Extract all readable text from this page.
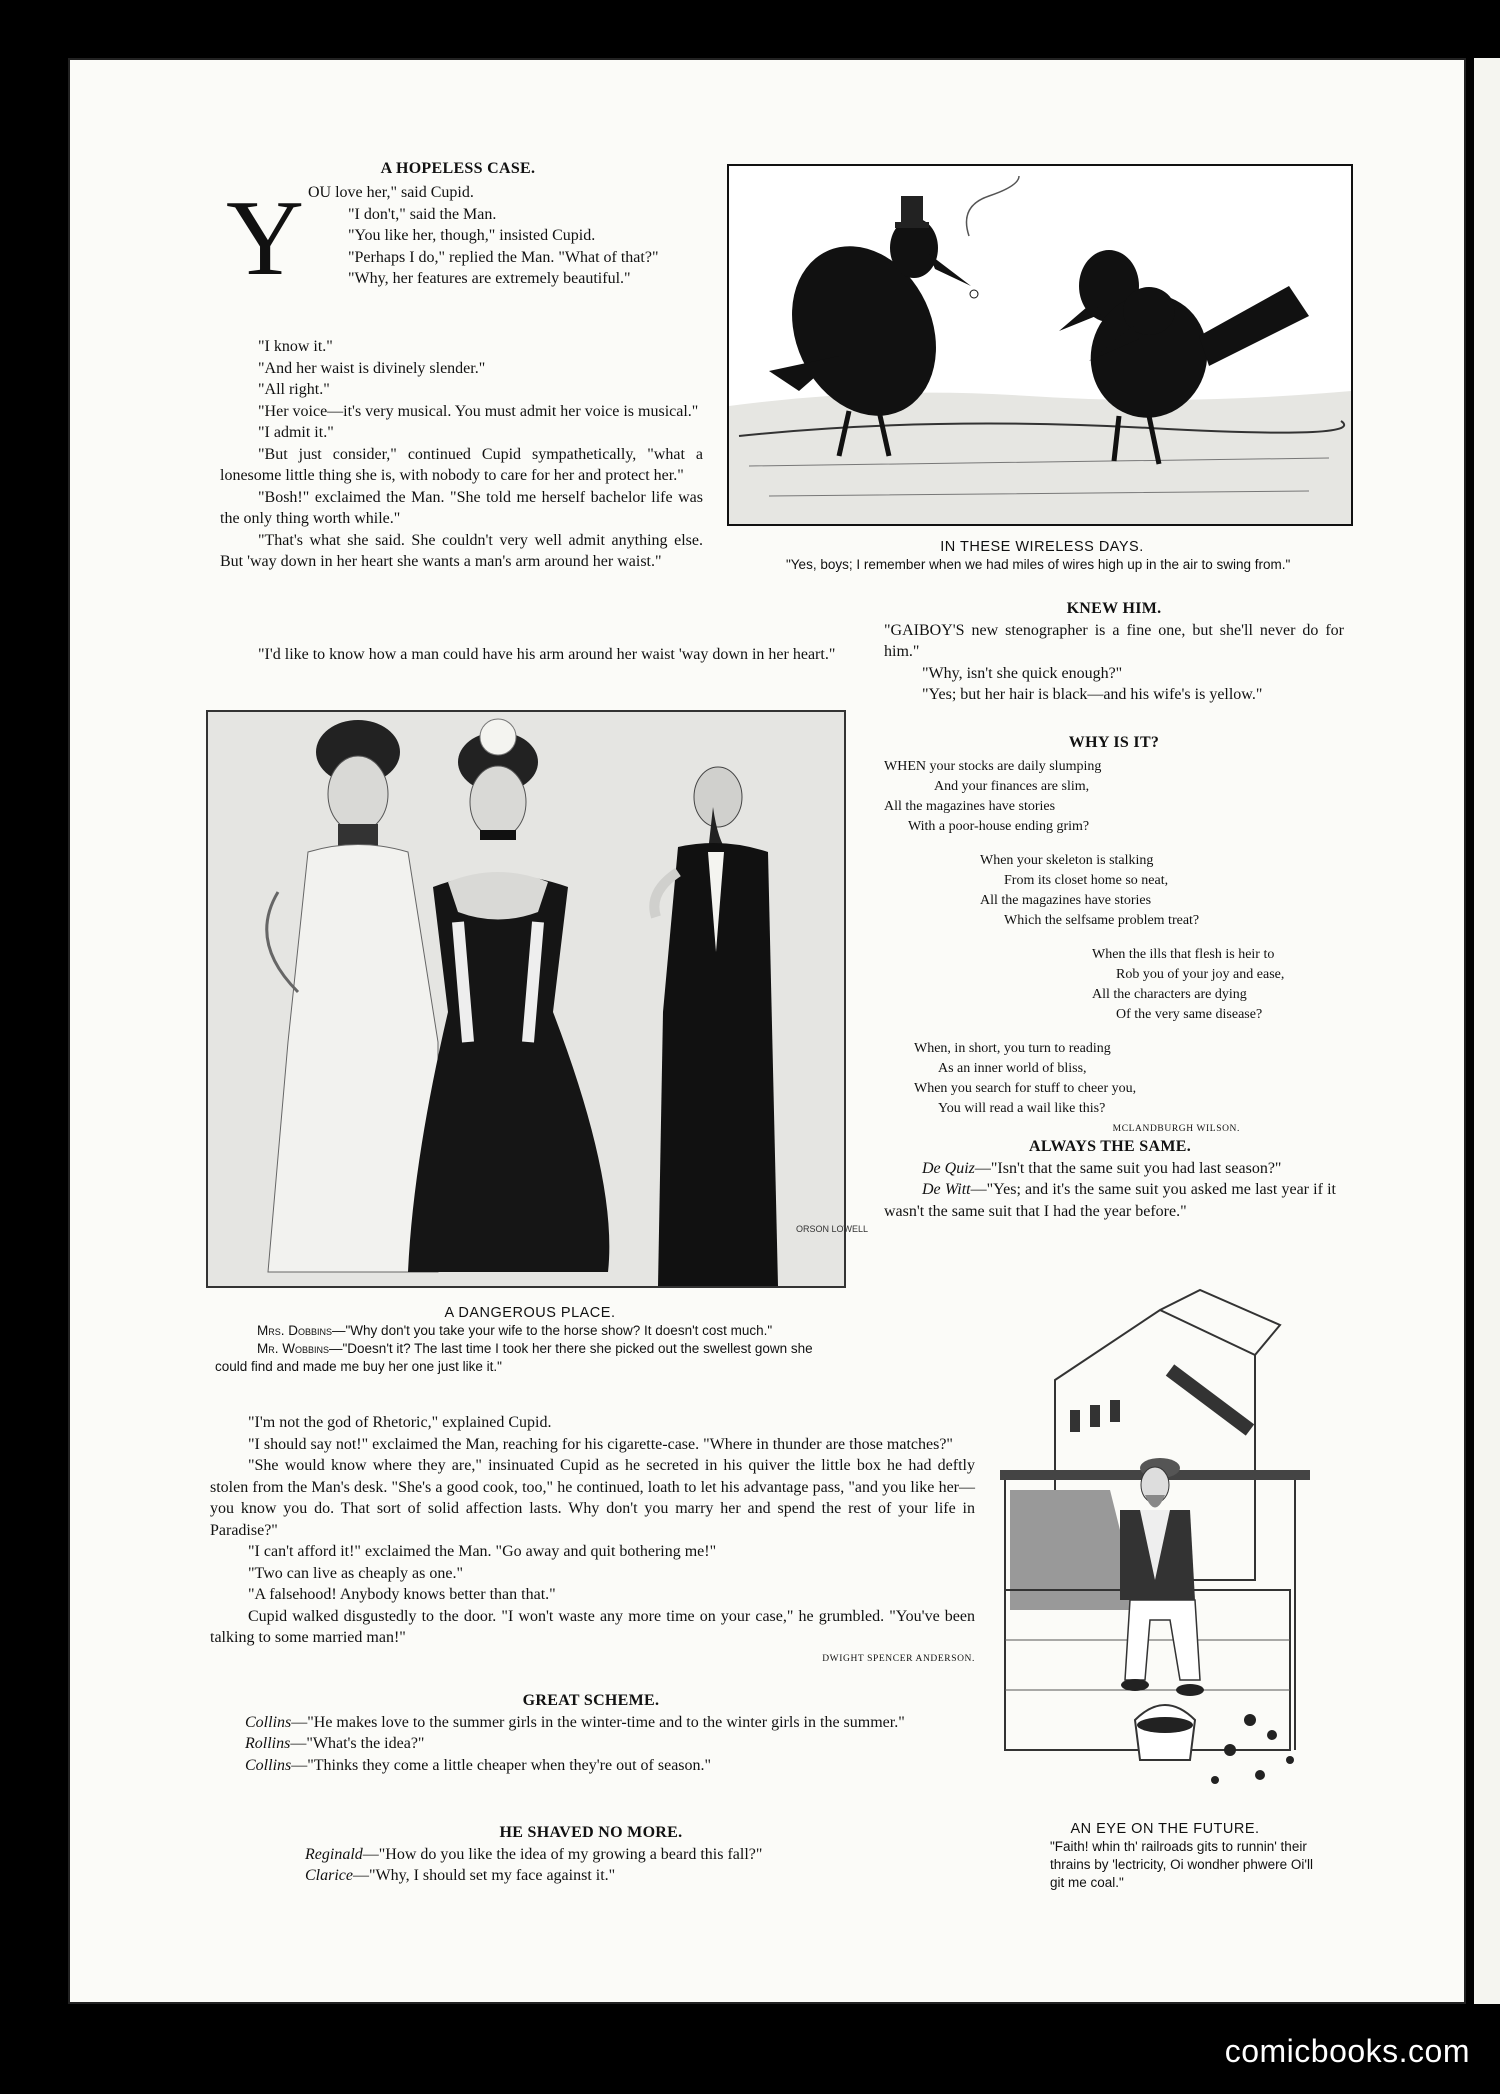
A HOPELESS CASE.

Y OU love her," said Cupid.

"I don't," said the Man.

"You like her, though," insisted Cupid.

"Perhaps I do," replied the Man. "What of that?"

"Why, her features are extremely beautiful."

"I know it."

"And her waist is divinely slender."

"All right."

"Her voice—it's very musical. You must admit her voice is musical."

"I admit it."

"But just consider," continued Cupid sympathetically, "what a lonesome little thing she is, with nobody to care for her and protect her."

"Bosh!" exclaimed the Man. "She told me herself bachelor life was the only thing worth while."

"That's what she said. She couldn't very well admit anything else. But 'way down in her heart she wants a man's arm around her waist."

"I'd like to know how a man could have his arm around her waist 'way down in her heart."

IN THESE WIRELESS DAYS.
"Yes, boys; I remember when we had miles of wires high up in the air to swing from."

KNEW HIM.

"GAIBOY'S new stenographer is a fine one, but she'll never do for him."

"Why, isn't she quick enough?"

"Yes; but her hair is black—and his wife's is yellow."

WHY IS IT?

WHEN your stocks are daily slumping

And your finances are slim,

All the magazines have stories

With a poor-house ending grim?

When your skeleton is stalking

From its closet home so neat,

All the magazines have stories

Which the selfsame problem treat?

When the ills that flesh is heir to

Rob you of your joy and ease,

All the characters are dying

Of the very same disease?

When, in short, you turn to reading

As an inner world of bliss,

When you search for stuff to cheer you,

You will read a wail like this?

MCLANDBURGH WILSON.

ALWAYS THE SAME.

De Quiz—"Isn't that the same suit you had last season?"

De Witt—"Yes; and it's the same suit you asked me last year if it wasn't the same suit that I had the year before."

ORSON LOWELL
A DANGEROUS PLACE.
Mrs. Dobbins—"Why don't you take your wife to the horse show? It doesn't cost much."
Mr. Wobbins—"Doesn't it? The last time I took her there she picked out the swellest gown she could find and made me buy her one just like it."

"I'm not the god of Rhetoric," explained Cupid.

"I should say not!" exclaimed the Man, reaching for his cigarette-case. "Where in thunder are those matches?"

"She would know where they are," insinuated Cupid as he secreted in his quiver the little box he had deftly stolen from the Man's desk. "She's a good cook, too," he continued, loath to let his advantage pass, "and you like her—you know you do. That sort of solid affection lasts. Why don't you marry her and spend the rest of your life in Paradise?"

"I can't afford it!" exclaimed the Man. "Go away and quit bothering me!"

"Two can live as cheaply as one."

"A falsehood! Anybody knows better than that."

Cupid walked disgustedly to the door. "I won't waste any more time on your case," he grumbled. "You've been talking to some married man!"

DWIGHT SPENCER ANDERSON.

GREAT SCHEME.

Collins—"He makes love to the summer girls in the winter-time and to the winter girls in the summer."

Rollins—"What's the idea?"

Collins—"Thinks they come a little cheaper when they're out of season."

HE SHAVED NO MORE.

Reginald—"How do you like the idea of my growing a beard this fall?"

Clarice—"Why, I should set my face against it."

AN EYE ON THE FUTURE.
"Faith! whin th' railroads gits to runnin' their thrains by 'lectricity, Oi wondher phwere Oi'll git me coal."
comicbooks.com
